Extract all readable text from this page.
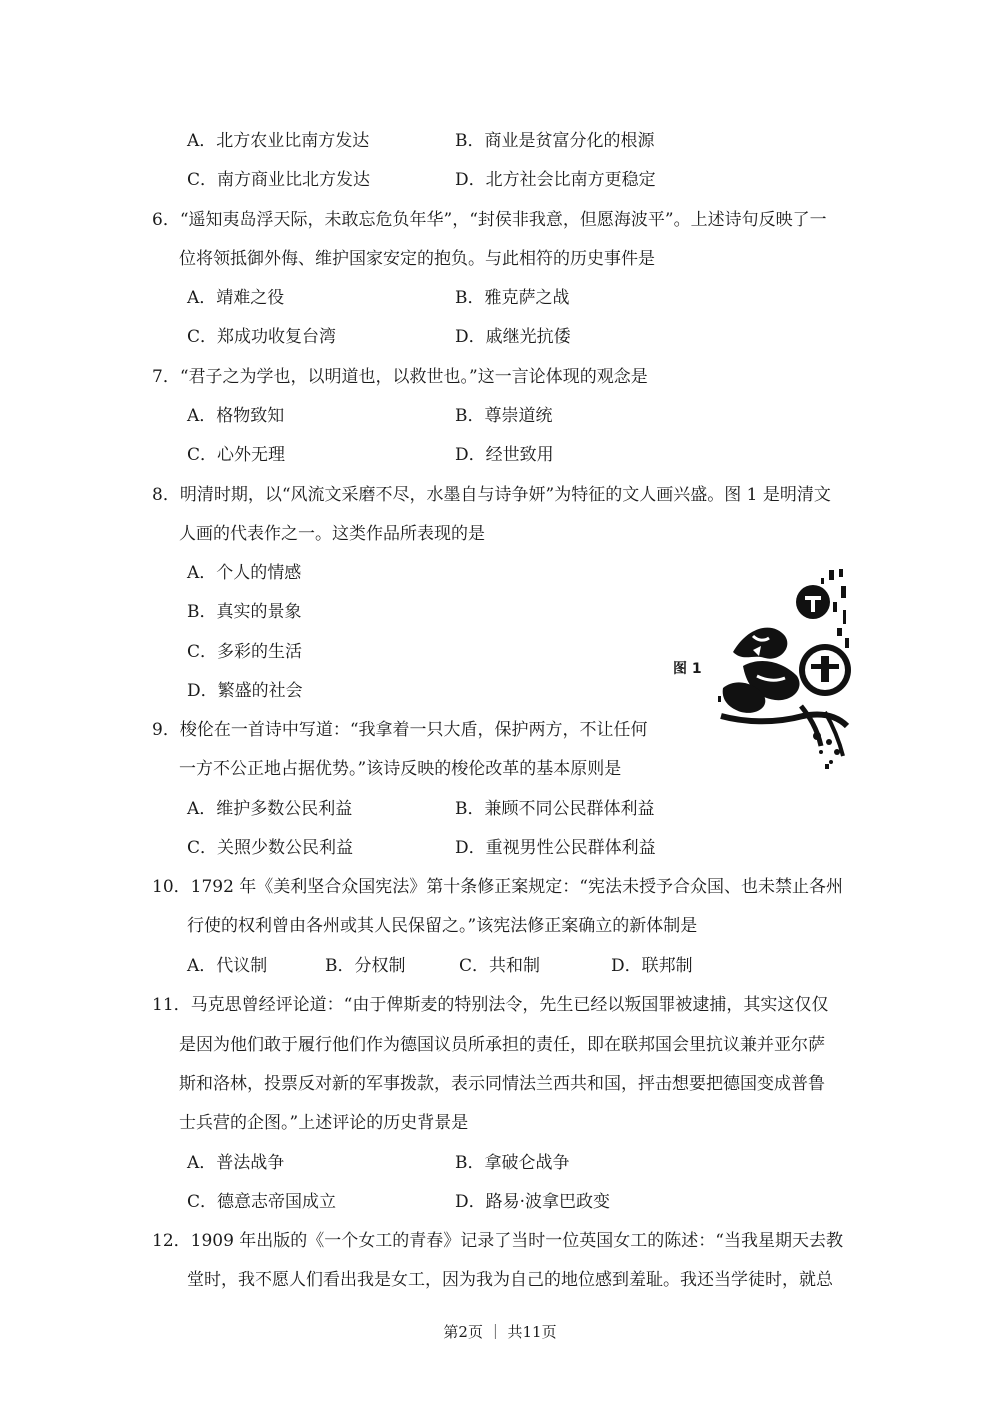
A．北方农业比南方发达	B．商业是贫富分化的根源
C．南方商业比北方发达	D．北方社会比南方更稳定
6．“遥知夷岛浮天际，未敢忘危负年华”，“封侯非我意，但愿海波平”。上述诗句反映了一
位将领抵御外侮、维护国家安定的抱负。与此相符的历史事件是
A．靖难之役	B．雅克萨之战
C．郑成功收复台湾	D．戚继光抗倭
7．“君子之为学也，以明道也，以救世也。”这一言论体现的观念是
A．格物致知	B．尊崇道统
C．心外无理	D．经世致用
8．明清时期，以“风流文采磨不尽，水墨自与诗争妍”为特征的文人画兴盛。图 1 是明清文
人画的代表作之一。这类作品所表现的是
A．个人的情感
B．真实的景象
C．多彩的生活
D．繁盛的社会
图 1
9．梭伦在一首诗中写道：“我拿着一只大盾，保护两方，不让任何
一方不公正地占据优势。”该诗反映的梭伦改革的基本原则是
A．维护多数公民利益	B．兼顾不同公民群体利益
C．关照少数公民利益	D．重视男性公民群体利益
10．1792 年《美利坚合众国宪法》第十条修正案规定：“宪法未授予合众国、也未禁止各州
行使的权利曾由各州或其人民保留之。”该宪法修正案确立的新体制是
A．代议制	B．分权制	C．共和制	D．联邦制
11．马克思曾经评论道：“由于俾斯麦的特别法令，先生已经以叛国罪被逮捕，其实这仅仅
是因为他们敢于履行他们作为德国议员所承担的责任，即在联邦国会里抗议兼并亚尔萨
斯和洛林，投票反对新的军事拨款，表示同情法兰西共和国，抨击想要把德国变成普鲁
士兵营的企图。”上述评论的历史背景是
A．普法战争	B．拿破仑战争
C．德意志帝国成立	D．路易·波拿巴政变
12．1909 年出版的《一个女工的青春》记录了当时一位英国女工的陈述：“当我星期天去教
堂时，我不愿人们看出我是女工，因为我为自己的地位感到羞耻。我还当学徒时，就总
第2页 ｜ 共11页
